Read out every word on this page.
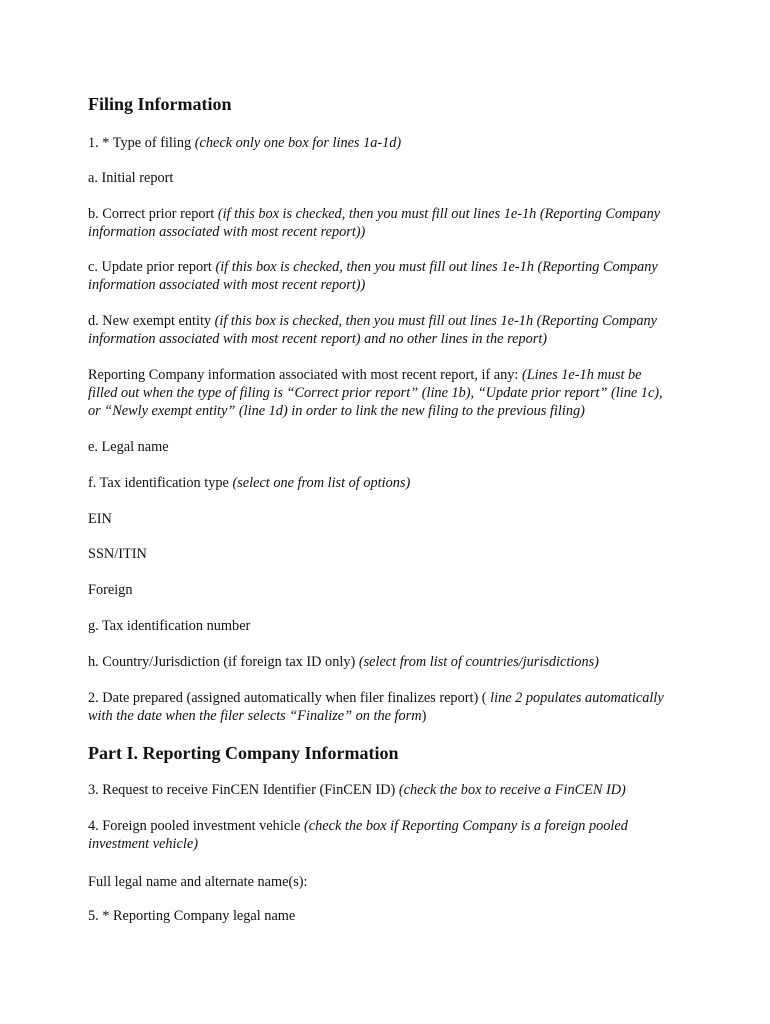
Filing Information

1. * Type of filing (check only one box for lines 1a-1d)

a. Initial report

b. Correct prior report (if this box is checked, then you must fill out lines 1e-1h (Reporting Company information associated with most recent report))

c. Update prior report (if this box is checked, then you must fill out lines 1e-1h (Reporting Company information associated with most recent report))

d. New exempt entity (if this box is checked, then you must fill out lines 1e-1h (Reporting Company information associated with most recent report) and no other lines in the report)

Reporting Company information associated with most recent report, if any: (Lines 1e-1h must be filled out when the type of filing is “Correct prior report” (line 1b), “Update prior report” (line 1c), or “Newly exempt entity” (line 1d) in order to link the new filing to the previous filing)

e. Legal name

f. Tax identification type (select one from list of options)

EIN

SSN/ITIN

Foreign

g. Tax identification number

h. Country/Jurisdiction (if foreign tax ID only) (select from list of countries/jurisdictions)

2. Date prepared (assigned automatically when filer finalizes report) ( line 2 populates automatically with the date when the filer selects “Finalize” on the form)

Part I. Reporting Company Information

3. Request to receive FinCEN Identifier (FinCEN ID) (check the box to receive a FinCEN ID)

4. Foreign pooled investment vehicle (check the box if Reporting Company is a foreign pooled investment vehicle)

Full legal name and alternate name(s):

5. * Reporting Company legal name
